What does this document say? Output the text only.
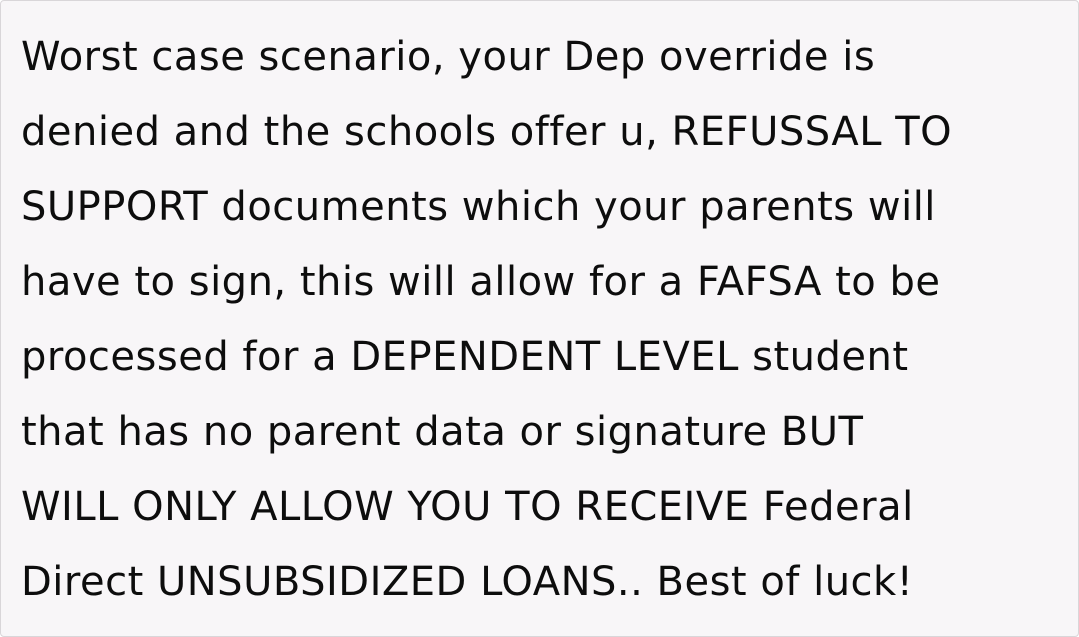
Worst case scenario, your Dep override is
denied and the schools offer u, REFUSSAL TO
SUPPORT documents which your parents will
have to sign, this will allow for a FAFSA to be
processed for a DEPENDENT LEVEL student
that has no parent data or signature BUT
WILL ONLY ALLOW YOU TO RECEIVE Federal
Direct UNSUBSIDIZED LOANS.. Best of luck!
